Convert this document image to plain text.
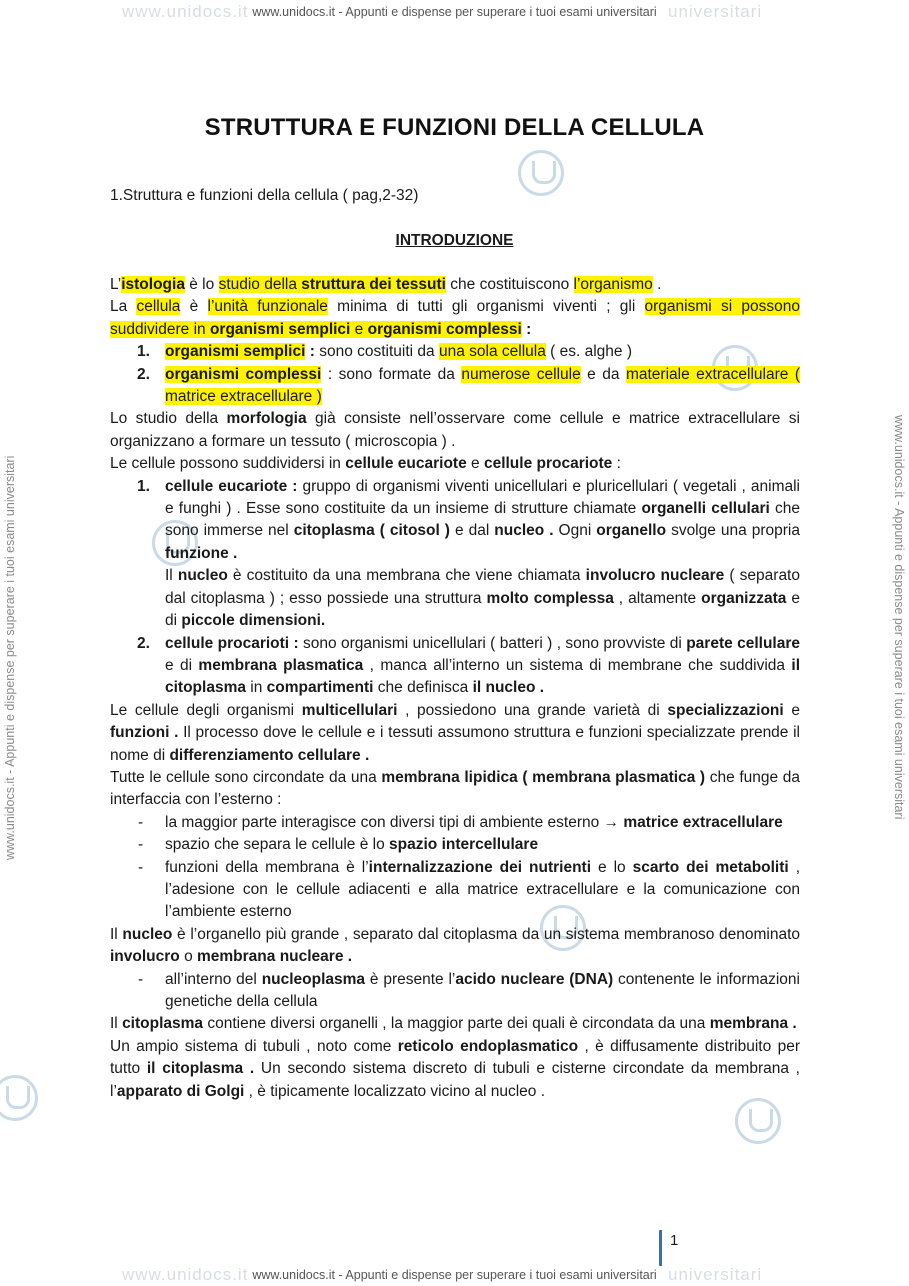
www.unidocs.it	universitari
www.unidocs.it - Appunti e dispense per superare i tuoi esami universitari
www.unidocs.it - Appunti e dispense per superare i tuoi esami universitari	www.unidocs.it - Appunti e dispense per superare i tuoi esami universitari
STRUTTURA E FUNZIONI DELLA CELLULA

1.Struttura e funzioni della cellula ( pag,2-32)

INTRODUZIONE

L’istologia è lo studio della struttura dei tessuti che costituiscono l’organismo .

La cellula è l’unità funzionale minima di tutti gli organismi viventi ; gli organismi si possono suddividere in organismi semplici e organismi complessi :

1. organismi semplici : sono costituiti da una sola cellula ( es. alghe )
2. organismi complessi : sono formate da numerose cellule e da materiale extracellulare ( matrice extracellulare )

Lo studio della morfologia già consiste nell’osservare come cellule e matrice extracellulare si organizzano a formare un tessuto ( microscopia ) .

Le cellule possono suddividersi in cellule eucariote e cellule procariote :

1. cellule eucariote : gruppo di organismi viventi unicellulari e pluricellulari ( vegetali , animali e funghi ) . Esse sono costituite da un insieme di strutture chiamate organelli cellulari che sono immerse nel citoplasma ( citosol ) e dal nucleo . Ogni organello svolge una propria funzione .
Il nucleo è costituito da una membrana che viene chiamata involucro nucleare ( separato dal citoplasma ) ; esso possiede una struttura molto complessa , altamente organizzata e di piccole dimensioni.
2. cellule procarioti : sono organismi unicellulari ( batteri ) , sono provviste di parete cellulare e di membrana plasmatica , manca all’interno un sistema di membrane che suddivida il citoplasma in compartimenti che definisca il nucleo .

Le cellule degli organismi multicellulari , possiedono una grande varietà di specializzazioni e funzioni . Il processo dove le cellule e i tessuti assumono struttura e funzioni specializzate prende il nome di differenziamento cellulare .

Tutte le cellule sono circondate da una membrana lipidica ( membrana plasmatica ) che funge da interfaccia con l’esterno :

- la maggior parte interagisce con diversi tipi di ambiente esterno → matrice extracellulare
- spazio che separa le cellule è lo spazio intercellulare
- funzioni della membrana è l’internalizzazione dei nutrienti e lo scarto dei metaboliti , l’adesione con le cellule adiacenti e alla matrice extracellulare e la comunicazione con l’ambiente esterno

Il nucleo è l’organello più grande , separato dal citoplasma da un sistema membranoso denominato involucro o membrana nucleare .

- all’interno del nucleoplasma è presente l’acido nucleare (DNA) contenente le informazioni genetiche della cellula

Il citoplasma contiene diversi organelli , la maggior parte dei quali è circondata da una membrana .

Un ampio sistema di tubuli , noto come reticolo endoplasmatico , è diffusamente distribuito per tutto il citoplasma . Un secondo sistema discreto di tubuli e cisterne circondate da membrana , l’apparato di Golgi , è tipicamente localizzato vicino al nucleo .

1
www.unidocs.it	universitari
www.unidocs.it - Appunti e dispense per superare i tuoi esami universitari
